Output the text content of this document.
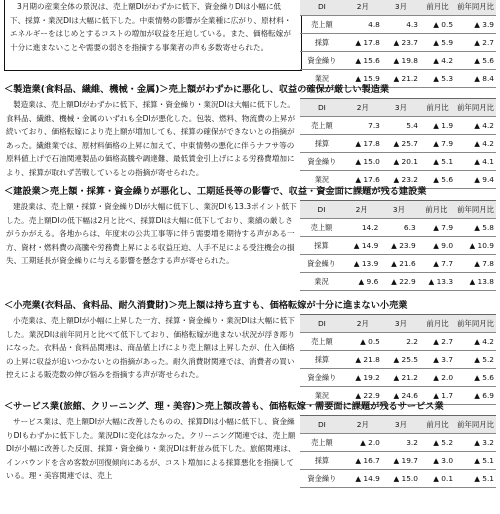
3月期の産業全体の景況は、売上額DIがわずかに低下、資金繰りDIは小幅に低下、採算・業況DIは大幅に低下した。中東情勢の影響が全業種に広がり、原材料・エネルギーをはじめとするコストの増加が収益を圧迫している。また、価格転嫁が十分に進まないことや需要の弱さを指摘する事業者の声も多数寄せられた。
DI	2月	3月	前月比	前年同月比
売上額	4.8	4.3	▲ 0.5	▲ 3.9
採算	▲ 17.8	▲ 23.7	▲ 5.9	▲ 2.7
資金繰り	▲ 15.6	▲ 19.8	▲ 4.2	▲ 5.6
業況	▲ 15.9	▲ 21.2	▲ 5.3	▲ 8.4
＜製造業(食料品、繊維、機械・金属)＞売上額がわずかに悪化し、収益の確保が厳しい製造業
製造業は、売上額DIがわずかに低下、採算・資金繰り・業況DIは大幅に低下した。食料品、繊維、機械・金属のいずれも全DIが悪化した。包装、燃料、物流費の上昇が続いており、価格転嫁により売上額が増加しても、採算の確保ができないとの指摘があった。繊維業では、原材料価格の上昇に加えて、中東情勢の悪化に伴うナフサ等の原料値上げで石油関連製品の価格高騰や調達難、最低賃金引上げによる労務費増加により、採算が取れず苦戦しているとの指摘が寄せられた。
DI	2月	3月	前月比	前年同月比
売上額	7.3	5.4	▲ 1.9	▲ 4.2
採算	▲ 17.8	▲ 25.7	▲ 7.9	▲ 4.2
資金繰り	▲ 15.0	▲ 20.1	▲ 5.1	▲ 4.1
業況	▲ 17.6	▲ 23.2	▲ 5.6	▲ 9.4
＜建設業＞売上額・採算・資金繰りが悪化し、工期延長等の影響で、収益・資金面に課題が残る建設業
建設業は、売上額・採算・資金繰りDIが大幅に低下し、業況DIも13.3ポイント低下した。売上額DIの低下幅は2月と比べ、採算DIは大幅に低下しており、業績の厳しさがうかがえる。各地からは、年度末の公共工事等に伴う需要増を期待する声がある一方、資材・燃料費の高騰や労務費上昇による収益圧迫、人手不足による受注機会の損失、工期延長が資金繰りに与える影響を懸念する声が寄せられた。
DI	2月	3月	前月比	前年同月比
売上額	14.2	6.3	▲ 7.9	▲ 5.8
採算	▲ 14.9	▲ 23.9	▲ 9.0	▲ 10.9
資金繰り	▲ 13.9	▲ 21.6	▲ 7.7	▲ 7.8
業況	▲ 9.6	▲ 22.9	▲ 13.3	▲ 13.8
＜小売業(衣料品、食料品、耐久消費財)＞売上額は持ち直すも、価格転嫁が十分に進まない小売業
小売業は、売上額DIが小幅に上昇した一方、採算・資金繰り・業況DIは大幅に低下した。業況DIは前年同月と比べて低下しており、価格転嫁が進まない状況が浮き彫りになった。衣料品・食料品関連は、商品値上げにより売上額は上昇したが、仕入価格の上昇に収益が追いつかないとの指摘があった。耐久消費財関連では、消費者の買い控えによる販売数の伸び悩みを指摘する声が寄せられた。
DI	2月	3月	前月比	前年同月比
売上額	▲ 0.5	2.2	▲ 2.7	▲ 4.2
採算	▲ 21.8	▲ 25.5	▲ 3.7	▲ 5.2
資金繰り	▲ 19.2	▲ 21.2	▲ 2.0	▲ 5.6
業況	▲ 22.9	▲ 24.6	▲ 1.7	▲ 6.9
＜サービス業(旅館、クリーニング、理・美容)＞売上額改善も、価格転嫁・需要面に課題が残るサービス業
サービス業は、売上額DIが大幅に改善したものの、採算DIは小幅に低下し、資金繰りDIもわずかに低下した。業況DIに変化はなかった。クリーニング関連では、売上額DIが小幅に改善した反面、採算・資金繰り・業況DIは軒並み低下した。旅館関連は、インバウンドを含め客数が回復傾向にあるが、コスト増加による採算悪化を指摘している。理・美容関連では、売上
DI	2月	3月	前月比	前年同月比
売上額	▲ 2.0	3.2	▲ 5.2	▲ 3.2
採算	▲ 16.7	▲ 19.7	▲ 3.0	▲ 5.1
資金繰り	▲ 14.9	▲ 15.0	▲ 0.1	▲ 5.1
